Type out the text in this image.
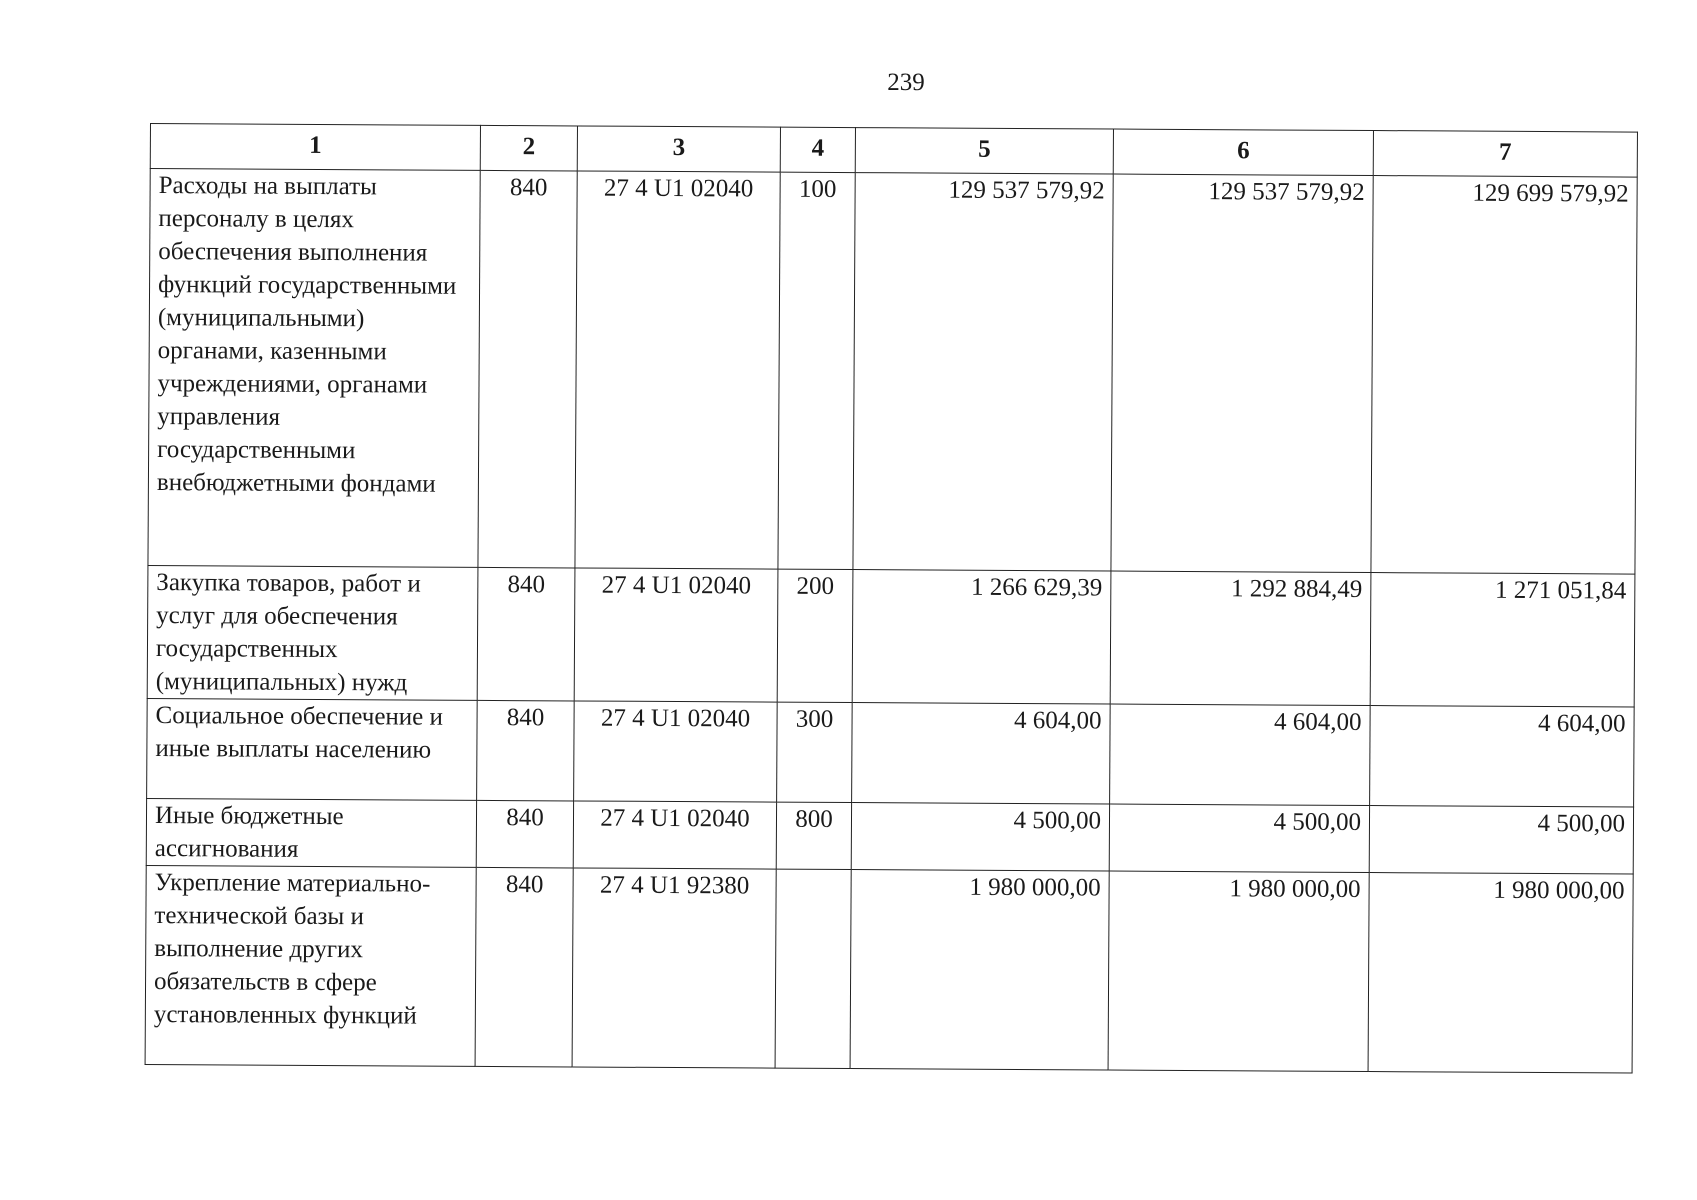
239
1	2	3	4	5	6	7
Расходы на выплаты персоналу в целях обеспечения выполнения функций государственными (муниципальными) органами, казенными учреждениями, органами управления государственными внебюджетными фондами	840	27 4 U1 02040	100	129 537 579,92	129 537 579,92	129 699 579,92
Закупка товаров, работ и услуг для обеспечения государственных (муниципальных) нужд	840	27 4 U1 02040	200	1 266 629,39	1 292 884,49	1 271 051,84
Социальное обеспечение и иные выплаты населению	840	27 4 U1 02040	300	4 604,00	4 604,00	4 604,00
Иные бюджетные ассигнования	840	27 4 U1 02040	800	4 500,00	4 500,00	4 500,00
Укрепление материально-технической базы и выполнение других обязательств в сфере установленных функций	840	27 4 U1 92380		1 980 000,00	1 980 000,00	1 980 000,00
